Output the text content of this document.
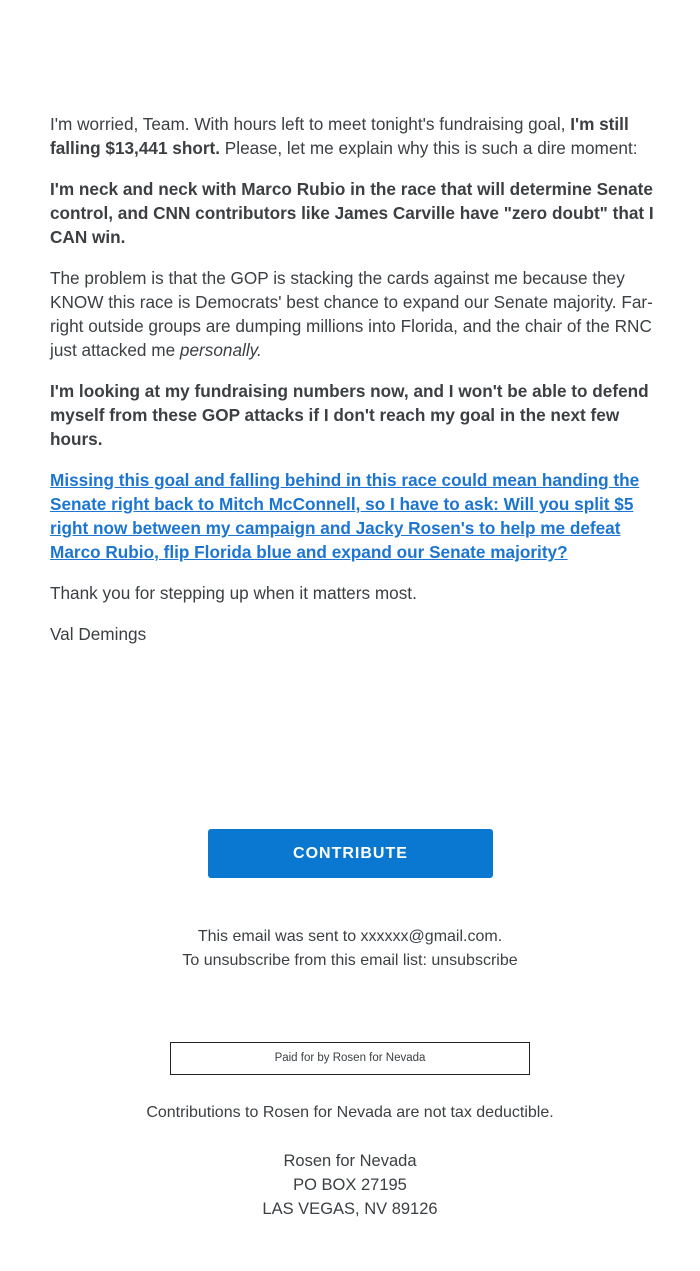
I'm worried, Team. With hours left to meet tonight's fundraising goal, I'm still falling $13,441 short. Please, let me explain why this is such a dire moment:

I'm neck and neck with Marco Rubio in the race that will determine Senate control, and CNN contributors like James Carville have "zero doubt" that I CAN win.

The problem is that the GOP is stacking the cards against me because they KNOW this race is Democrats' best chance to expand our Senate majority. Far-right outside groups are dumping millions into Florida, and the chair of the RNC just attacked me personally.

I'm looking at my fundraising numbers now, and I won't be able to defend myself from these GOP attacks if I don't reach my goal in the next few hours.

Missing this goal and falling behind in this race could mean handing the Senate right back to Mitch McConnell, so I have to ask: Will you split $5 right now between my campaign and Jacky Rosen's to help me defeat Marco Rubio, flip Florida blue and expand our Senate majority?

Thank you for stepping up when it matters most.

Val Demings

CONTRIBUTE
This email was sent to xxxxxx@gmail.com.
To unsubscribe from this email list: unsubscribe
Paid for by Rosen for Nevada
Contributions to Rosen for Nevada are not tax deductible.
Rosen for Nevada
PO BOX 27195
LAS VEGAS, NV 89126
